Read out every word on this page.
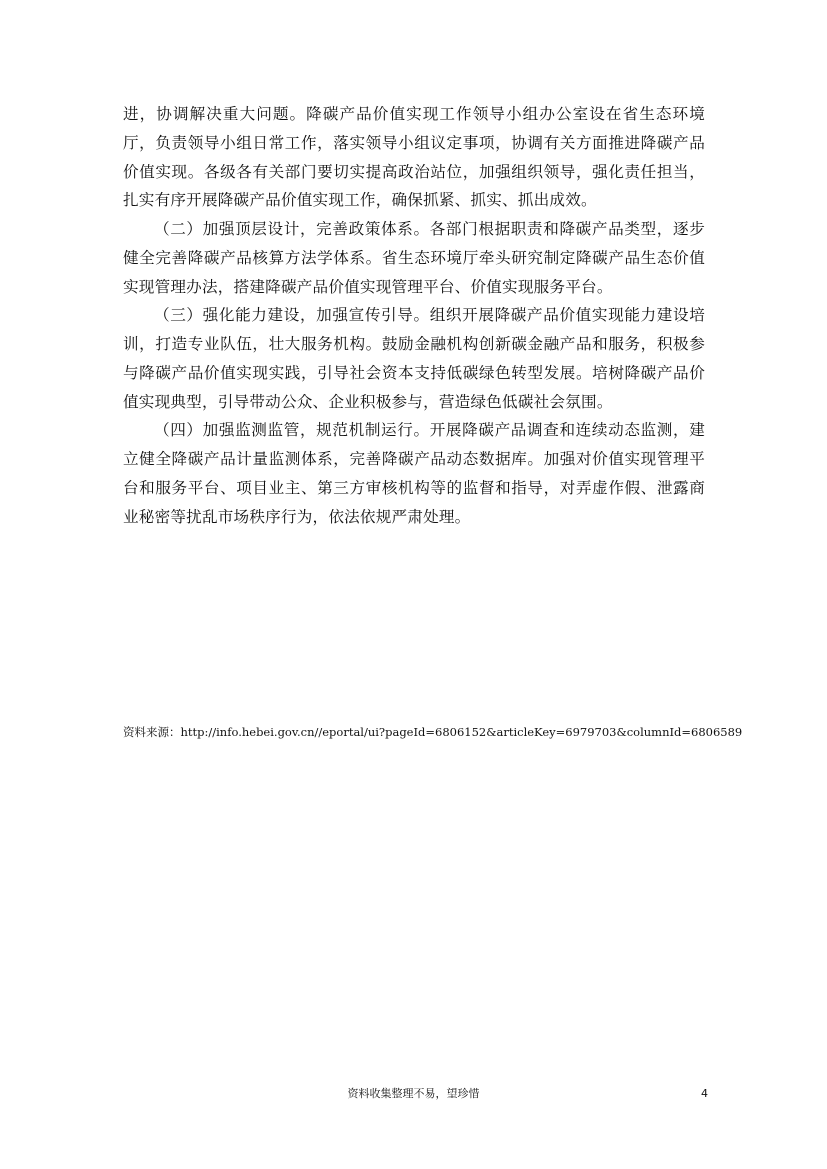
进，协调解决重大问题。降碳产品价值实现工作领导小组办公室设在省生态环境厅，负责领导小组日常工作，落实领导小组议定事项，协调有关方面推进降碳产品价值实现。各级各有关部门要切实提高政治站位，加强组织领导，强化责任担当，扎实有序开展降碳产品价值实现工作，确保抓紧、抓实、抓出成效。

（二）加强顶层设计，完善政策体系。各部门根据职责和降碳产品类型，逐步健全完善降碳产品核算方法学体系。省生态环境厅牵头研究制定降碳产品生态价值实现管理办法，搭建降碳产品价值实现管理平台、价值实现服务平台。

（三）强化能力建设，加强宣传引导。组织开展降碳产品价值实现能力建设培训，打造专业队伍，壮大服务机构。鼓励金融机构创新碳金融产品和服务，积极参与降碳产品价值实现实践，引导社会资本支持低碳绿色转型发展。培树降碳产品价值实现典型，引导带动公众、企业积极参与，营造绿色低碳社会氛围。

（四）加强监测监管，规范机制运行。开展降碳产品调查和连续动态监测，建立健全降碳产品计量监测体系，完善降碳产品动态数据库。加强对价值实现管理平台和服务平台、项目业主、第三方审核机构等的监督和指导，对弄虚作假、泄露商业秘密等扰乱市场秩序行为，依法依规严肃处理。

资料来源：http://info.hebei.gov.cn//eportal/ui?pageId=6806152&articleKey=6979703&columnId=6806589
资料收集整理不易，望珍惜	4
